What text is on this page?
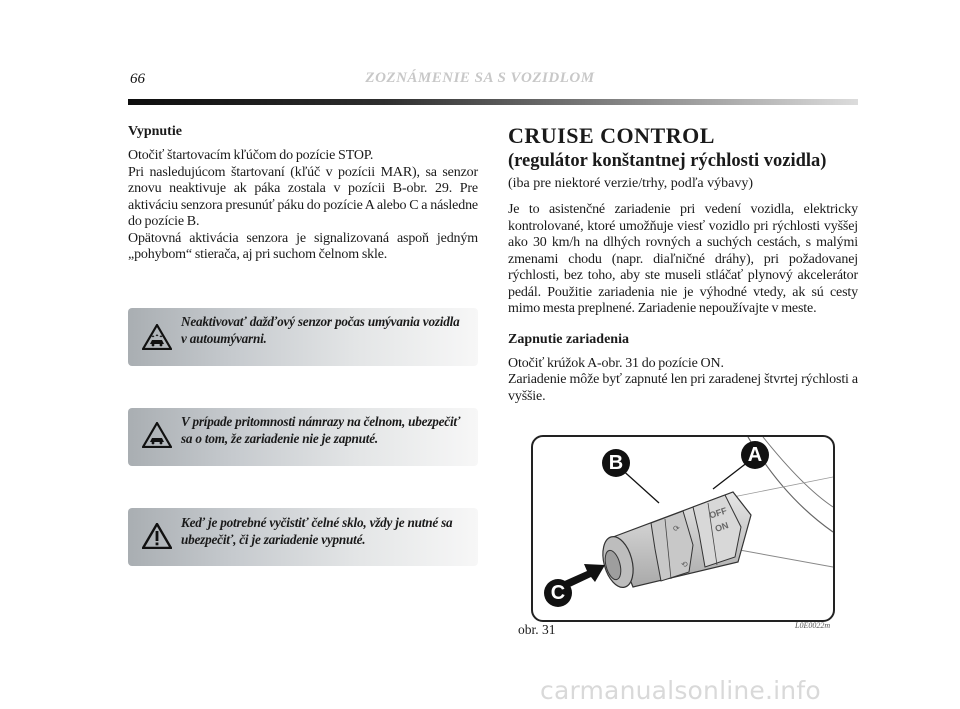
66	ZOZNÁMENIE SA S VOZIDLOM

Vypnutie

Otočiť štartovacím kľúčom do pozície STOP.
Pri nasledujúcom štartovaní (kľúč v pozícii MAR), sa senzor znovu neaktivuje ak páka zostala v pozícii B-obr. 29. Pre aktiváciu senzora presunúť páku do pozície A alebo C a následne do pozície B.
Opätovná aktivácia senzora je signalizovaná aspoň jedným „pohybom“ stierača, aj pri suchom čelnom skle.

Neaktivovať dažďový senzor počas umývania vozidla v autoumývarni.
V prípade pritomnosti námrazy na čelnom, ubezpečiť sa o tom, že zariadenie nie je zapnuté.
Keď je potrebné vyčistiť čelné sklo, vždy je nutné sa ubezpečiť, či je zariadenie vypnuté.
CRUISE CONTROL
(regulátor konštantnej rýchlosti vozidla)
(iba pre niektoré verzie/trhy, podľa výbavy)

Je to asistenčné zariadenie pri vedení vozidla, elektricky kontrolované, ktoré umožňuje viesť vozidlo pri rýchlosti vyššej ako 30 km/h na dlhých rovných a suchých cestách, s malými zmenami chodu (napr. diaľničné dráhy), pri požadovanej rýchlosti, bez toho, aby ste museli stláčať plynový akcelerátor pedál. Použitie zariadenia nie je výhodné vtedy, ak sú cesty mimo mesta preplnené. Zariadenie nepoužívajte v meste.

Zapnutie zariadenia

Otočiť krúžok A-obr. 31 do pozície ON.
Zariadenie môže byť zapnuté len pri zaradenej štvrtej rýchlosti a vyššie.

⟳
⟲
A
B
C
OFF
ON
L0E0022m
obr. 31
carmanualsonline.info
